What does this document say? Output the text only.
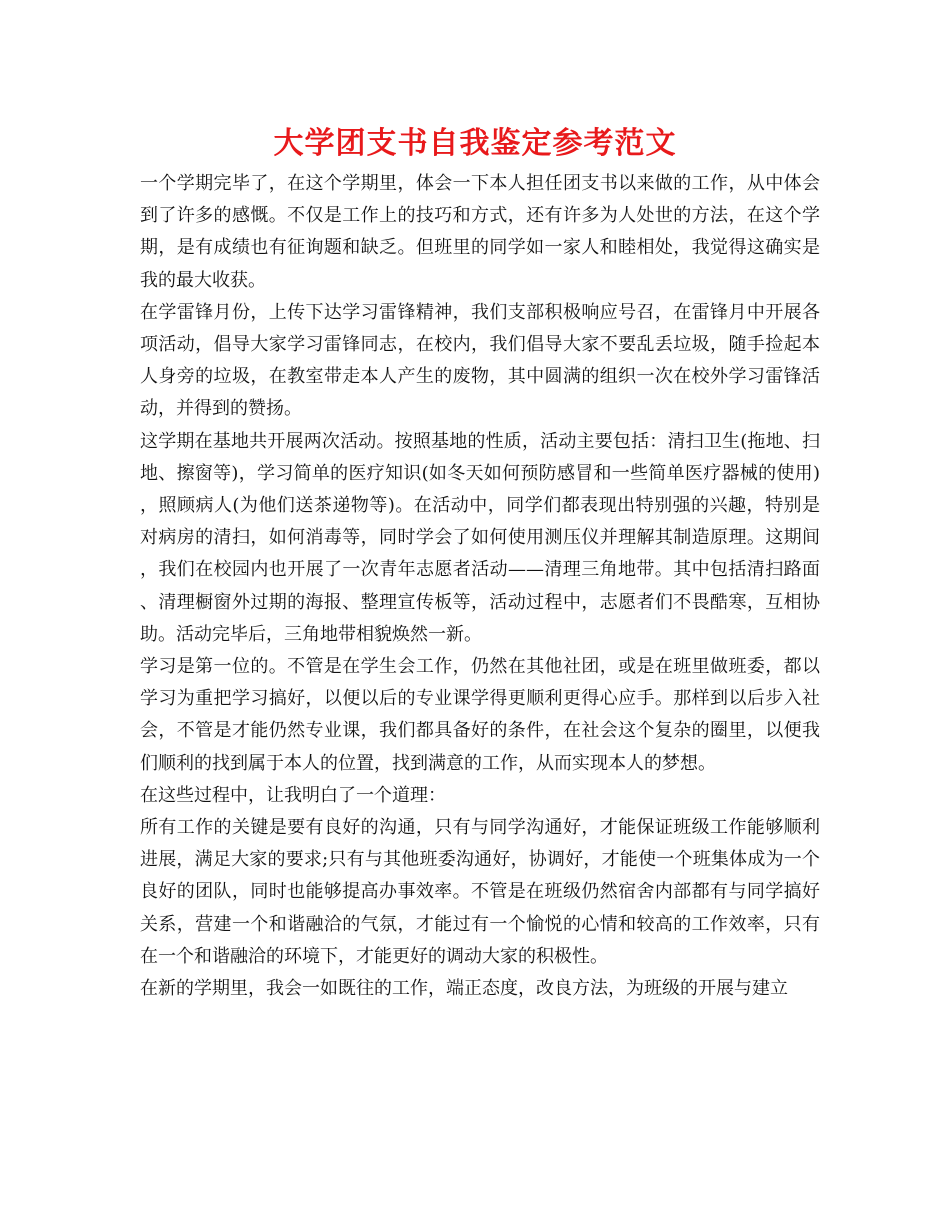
大学团支书自我鉴定参考范文

一个学期完毕了，在这个学期里，体会一下本人担任团支书以来做的工作，从中体会到了许多的感慨。不仅是工作上的技巧和方式，还有许多为人处世的方法，在这个学期，是有成绩也有征询题和缺乏。但班里的同学如一家人和睦相处，我觉得这确实是我的最大收获。

在学雷锋月份，上传下达学习雷锋精神，我们支部积极响应号召，在雷锋月中开展各项活动，倡导大家学习雷锋同志，在校内，我们倡导大家不要乱丢垃圾，随手捡起本人身旁的垃圾，在教室带走本人产生的废物，其中圆满的组织一次在校外学习雷锋活动，并得到的赞扬。

这学期在基地共开展两次活动。按照基地的性质，活动主要包括：清扫卫生(拖地、扫地、擦窗等)，学习简单的医疗知识(如冬天如何预防感冒和一些简单医疗器械的使用)，照顾病人(为他们送茶递物等)。在活动中，同学们都表现出特别强的兴趣，特别是对病房的清扫，如何消毒等，同时学会了如何使用测压仪并理解其制造原理。这期间，我们在校园内也开展了一次青年志愿者活动——清理三角地带。其中包括清扫路面、清理橱窗外过期的海报、整理宣传板等，活动过程中，志愿者们不畏酷寒，互相协助。活动完毕后，三角地带相貌焕然一新。

学习是第一位的。不管是在学生会工作，仍然在其他社团，或是在班里做班委，都以学习为重把学习搞好，以便以后的专业课学得更顺利更得心应手。那样到以后步入社会，不管是才能仍然专业课，我们都具备好的条件，在社会这个复杂的圈里，以便我们顺利的找到属于本人的位置，找到满意的工作，从而实现本人的梦想。

在这些过程中，让我明白了一个道理：

所有工作的关键是要有良好的沟通，只有与同学沟通好，才能保证班级工作能够顺利进展，满足大家的要求;只有与其他班委沟通好，协调好，才能使一个班集体成为一个良好的团队，同时也能够提高办事效率。不管是在班级仍然宿舍内部都有与同学搞好关系，营建一个和谐融洽的气氛，才能过有一个愉悦的心情和较高的工作效率，只有在一个和谐融洽的环境下，才能更好的调动大家的积极性。

在新的学期里，我会一如既往的工作，端正态度，改良方法，为班级的开展与建立
